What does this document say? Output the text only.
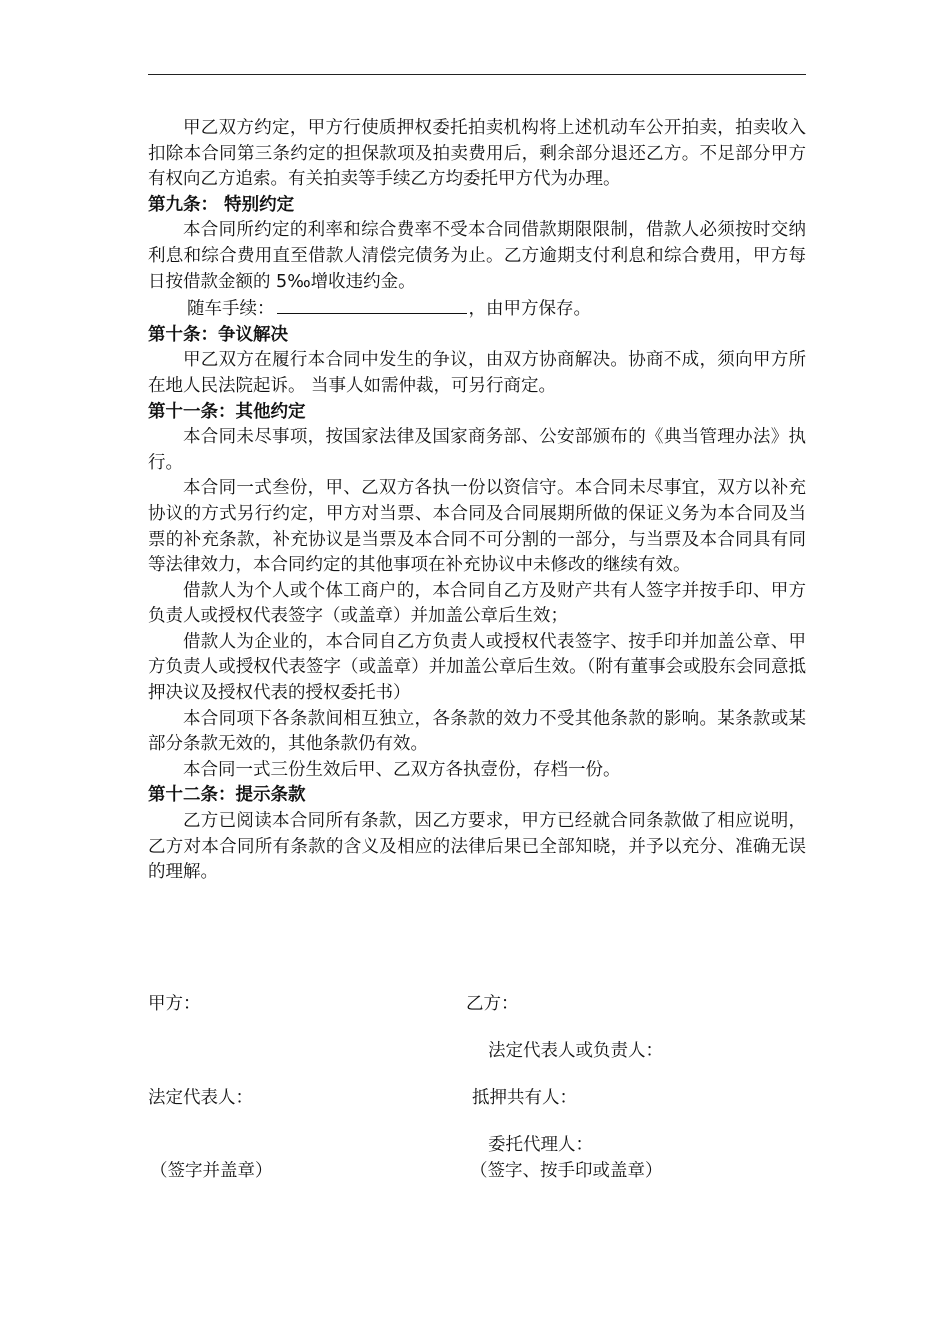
甲乙双方约定，甲方行使质押权委托拍卖机构将上述机动车公开拍卖，拍卖收入扣除本合同第三条约定的担保款项及拍卖费用后，剩余部分退还乙方。不足部分甲方有权向乙方追索。有关拍卖等手续乙方均委托甲方代为办理。

第九条： 特别约定

本合同所约定的利率和综合费率不受本合同借款期限限制，借款人必须按时交纳利息和综合费用直至借款人清偿完债务为止。乙方逾期支付利息和综合费用，甲方每日按借款金额的 5‰增收违约金。

随车手续：	，由甲方保存。

第十条：争议解决

甲乙双方在履行本合同中发生的争议，由双方协商解决。协商不成，须向甲方所在地人民法院起诉。 当事人如需仲裁，可另行商定。

第十一条：其他约定

本合同未尽事项，按国家法律及国家商务部、公安部颁布的《典当管理办法》执行。

本合同一式叁份，甲、乙双方各执一份以资信守。本合同未尽事宜，双方以补充协议的方式另行约定，甲方对当票、本合同及合同展期所做的保证义务为本合同及当票的补充条款，补充协议是当票及本合同不可分割的一部分，与当票及本合同具有同等法律效力，本合同约定的其他事项在补充协议中未修改的继续有效。

借款人为个人或个体工商户的，本合同自乙方及财产共有人签字并按手印、甲方负责人或授权代表签字（或盖章）并加盖公章后生效；

借款人为企业的，本合同自乙方负责人或授权代表签字、按手印并加盖公章、甲方负责人或授权代表签字（或盖章）并加盖公章后生效。（附有董事会或股东会同意抵押决议及授权代表的授权委托书）

本合同项下各条款间相互独立，各条款的效力不受其他条款的影响。某条款或某部分条款无效的，其他条款仍有效。

本合同一式三份生效后甲、乙双方各执壹份，存档一份。

第十二条：提示条款

乙方已阅读本合同所有条款，因乙方要求，甲方已经就合同条款做了相应说明，乙方对本合同所有条款的含义及相应的法律后果已全部知晓，并予以充分、准确无误的理解。

甲方：	乙方：
法定代表人或负责人：
法定代表人：	抵押共有人：
委托代理人：
（签字并盖章）	（签字、按手印或盖章）
